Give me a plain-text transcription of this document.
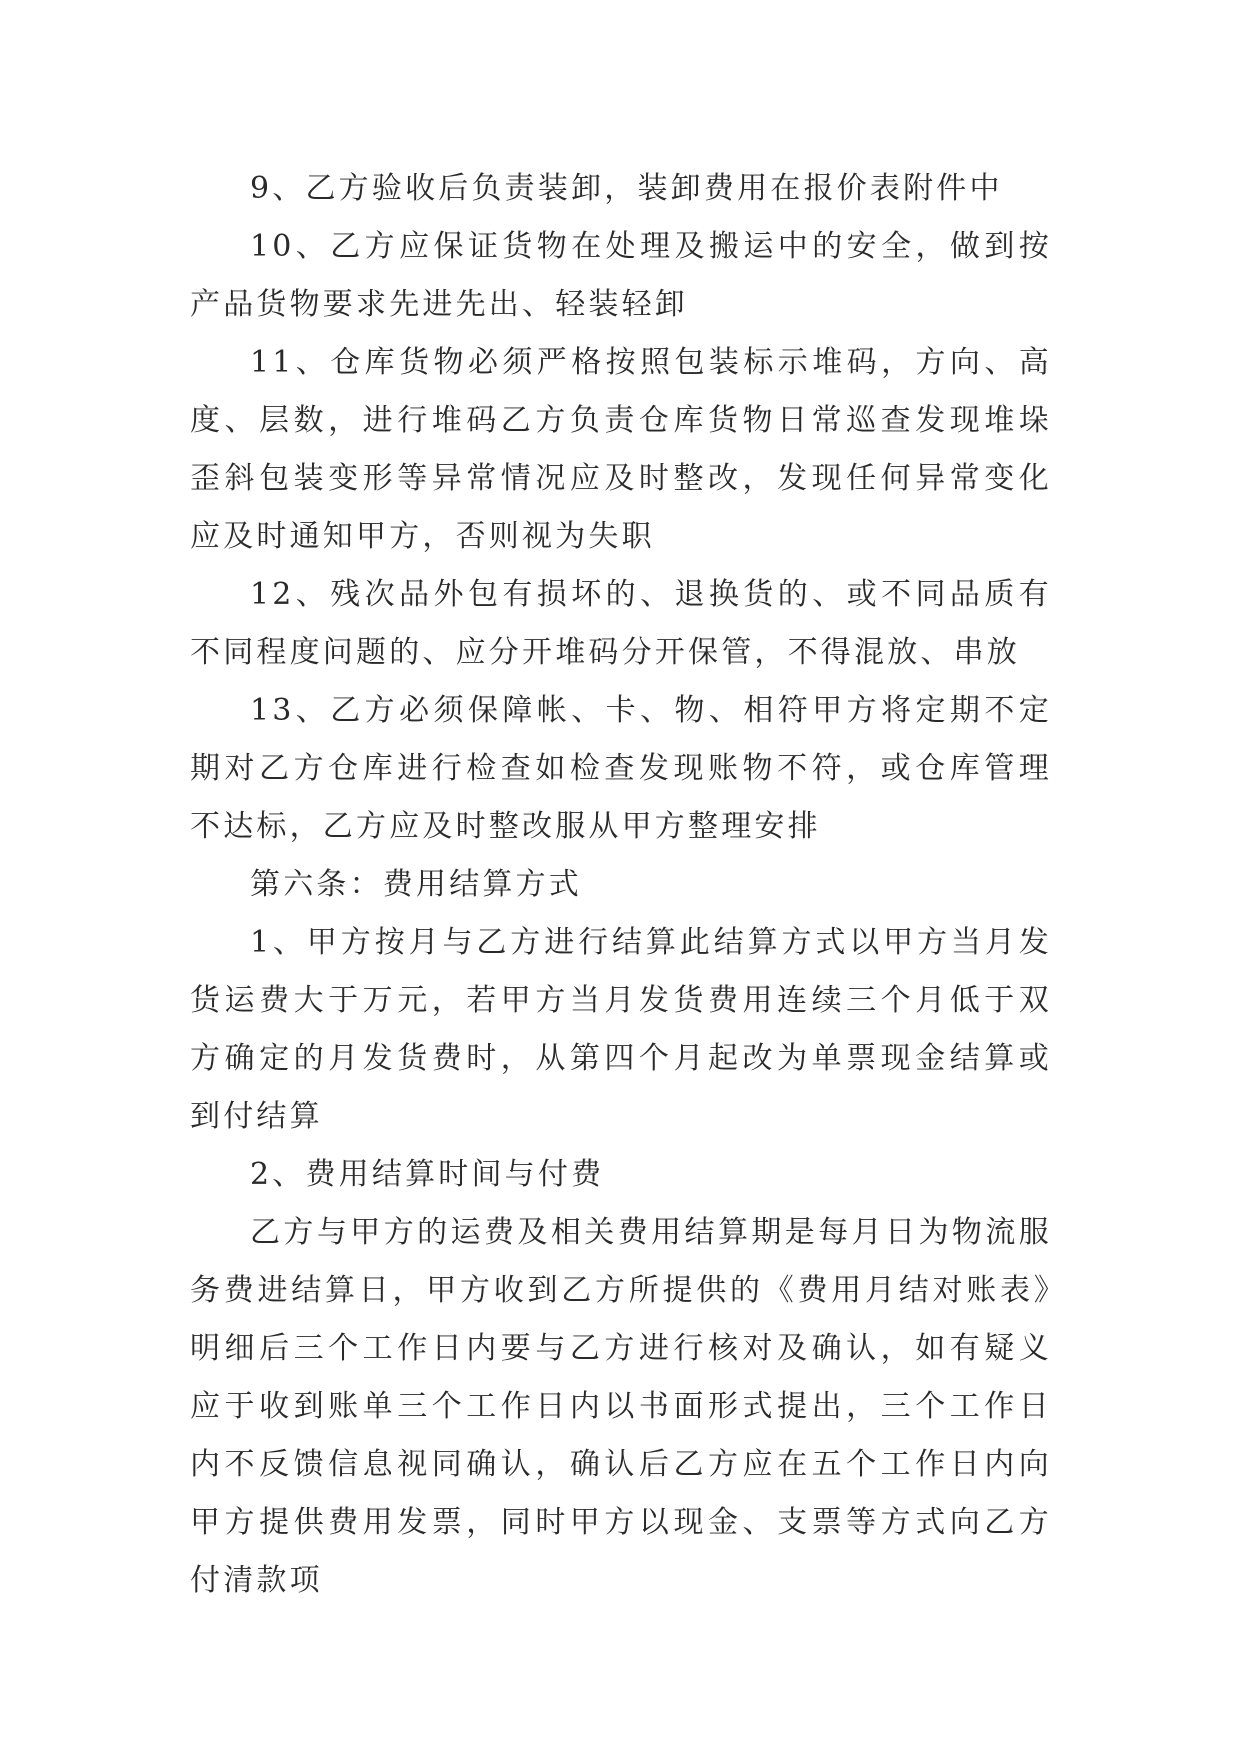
9、乙方验收后负责装卸，装卸费用在报价表附件中

10、乙方应保证货物在处理及搬运中的安全，做到按产品货物要求先进先出、轻装轻卸

11、仓库货物必须严格按照包装标示堆码，方向、高度、层数，进行堆码乙方负责仓库货物日常巡查发现堆垛歪斜包装变形等异常情况应及时整改，发现任何异常变化应及时通知甲方，否则视为失职

12、残次品外包有损坏的、退换货的、或不同品质有不同程度问题的、应分开堆码分开保管，不得混放、串放

13、乙方必须保障帐、卡、物、相符甲方将定期不定期对乙方仓库进行检查如检查发现账物不符，或仓库管理不达标，乙方应及时整改服从甲方整理安排

第六条：费用结算方式

1、甲方按月与乙方进行结算此结算方式以甲方当月发货运费大于万元，若甲方当月发货费用连续三个月低于双方确定的月发货费时，从第四个月起改为单票现金结算或到付结算

2、费用结算时间与付费

乙方与甲方的运费及相关费用结算期是每月日为物流服务费进结算日，甲方收到乙方所提供的《费用月结对账表》明细后三个工作日内要与乙方进行核对及确认，如有疑义应于收到账单三个工作日内以书面形式提出，三个工作日内不反馈信息视同确认，确认后乙方应在五个工作日内向甲方提供费用发票，同时甲方以现金、支票等方式向乙方付清款项
